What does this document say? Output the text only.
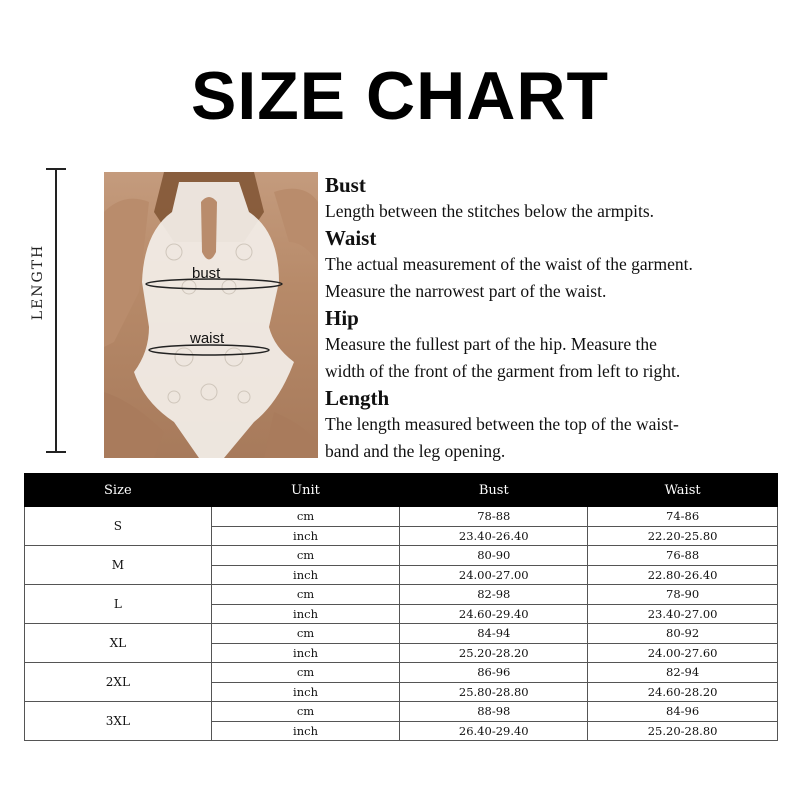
SIZE CHART
LENGTH	bust
waist
Bust
Length between the stitches below the armpits.
Waist
The actual measurement of the waist of the garment.
Measure the narrowest part of the waist.
Hip
Measure the fullest part of the hip. Measure the
width of the front of the garment from left to right.
Length
The length measured between the top of the waist-
band and the leg opening.
Size	Unit	Bust	Waist
S	cm	78-88	74-86
	inch	23.40-26.40	22.20-25.80
M	cm	80-90	76-88
	inch	24.00-27.00	22.80-26.40
L	cm	82-98	78-90
	inch	24.60-29.40	23.40-27.00
XL	cm	84-94	80-92
	inch	25.20-28.20	24.00-27.60
2XL	cm	86-96	82-94
	inch	25.80-28.80	24.60-28.20
3XL	cm	88-98	84-96
	inch	26.40-29.40	25.20-28.80
